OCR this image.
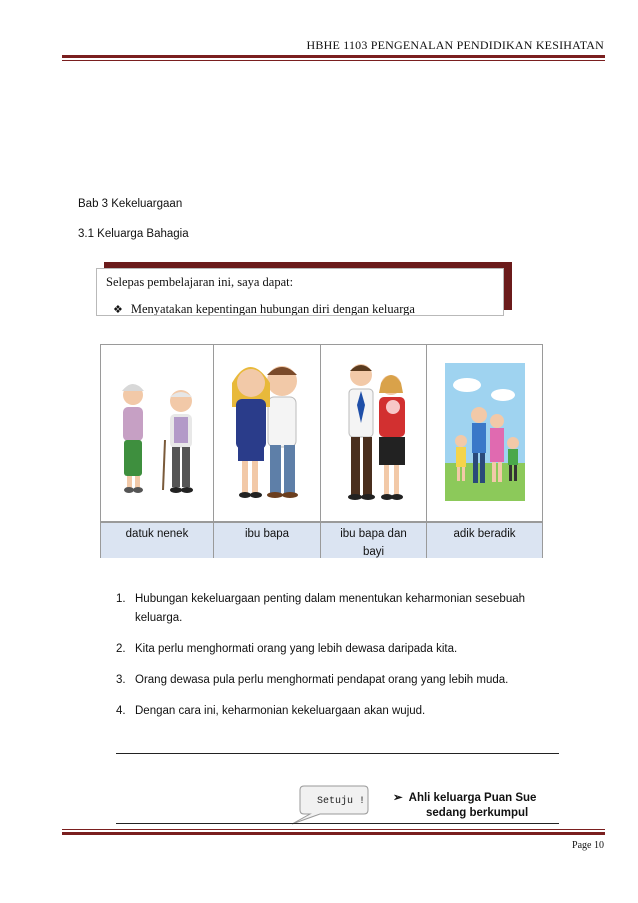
HBHE 1103 PENGENALAN PENDIDIKAN KESIHATAN
Bab 3 Kekeluargaan
3.1 Keluarga Bahagia
Selepas pembelajaran ini, saya dapat:
❖ Menyatakan kepentingan hubungan diri dengan keluarga
datuk nenek	ibu bapa	ibu bapa dan bayi
adik beradik
1. Hubungan kekeluargaan penting dalam menentukan keharmonian sesebuah keluarga.
2. Kita perlu menghormati orang yang lebih dewasa daripada kita.
3. Orang dewasa pula perlu menghormati pendapat orang yang lebih muda.
4. Dengan cara ini, keharmonian kekeluargaan akan wujud.
Setuju ! ➢ Ahli keluarga Puan Sue
sedang berkumpul
Page 10
